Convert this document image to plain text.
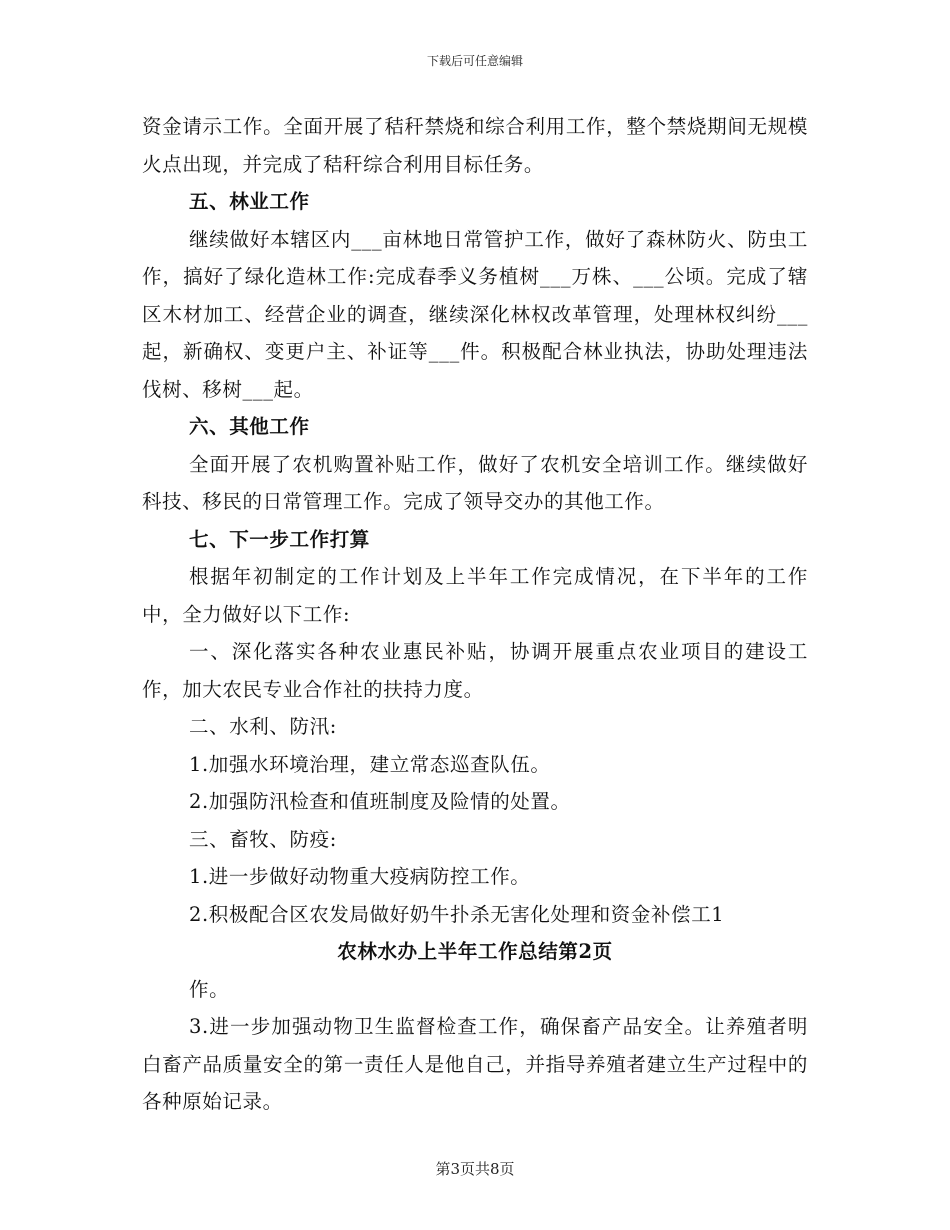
下载后可任意编辑

资金请示工作。全面开展了秸秆禁烧和综合利用工作，整个禁烧期间无规模火点出现，并完成了秸秆综合利用目标任务。

五、林业工作

继续做好本辖区内___亩林地日常管护工作，做好了森林防火、防虫工作，搞好了绿化造林工作:完成春季义务植树___万株、___公顷。完成了辖区木材加工、经营企业的调查，继续深化林权改革管理，处理林权纠纷___起，新确权、变更户主、补证等___件。积极配合林业执法，协助处理违法伐树、移树___起。

六、其他工作

全面开展了农机购置补贴工作，做好了农机安全培训工作。继续做好科技、移民的日常管理工作。完成了领导交办的其他工作。

七、下一步工作打算

根据年初制定的工作计划及上半年工作完成情况，在下半年的工作中，全力做好以下工作:

一、深化落实各种农业惠民补贴，协调开展重点农业项目的建设工作，加大农民专业合作社的扶持力度。

二、水利、防汛:

1.加强水环境治理，建立常态巡查队伍。

2.加强防汛检查和值班制度及险情的处置。

三、畜牧、防疫:

1.进一步做好动物重大疫病防控工作。

2.积极配合区农发局做好奶牛扑杀无害化处理和资金补偿工1

农林水办上半年工作总结第2页

作。

3.进一步加强动物卫生监督检查工作，确保畜产品安全。让养殖者明白畜产品质量安全的第一责任人是他自己，并指导养殖者建立生产过程中的各种原始记录。

第3页共8页
